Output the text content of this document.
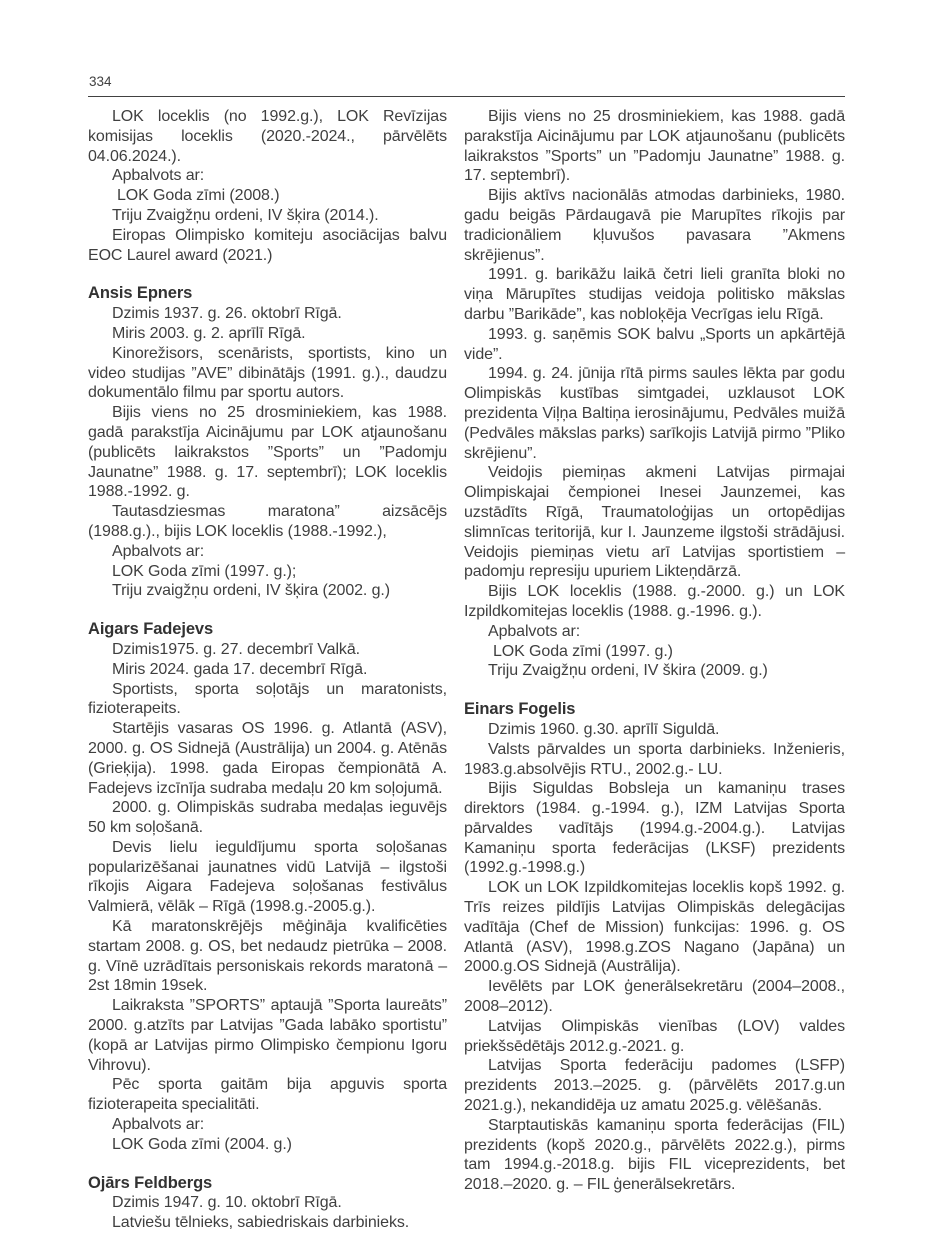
334

LOK loceklis (no 1992.g.), LOK Revīzijas komisijas loceklis (2020.-2024., pārvēlēts 04.06.2024.).

Apbalvots ar:

LOK Goda zīmi (2008.)

Triju Zvaigžņu ordeni, IV šķira (2014.).

Eiropas Olimpisko komiteju asociācijas balvu EOC Laurel award (2021.)

Ansis Epners

Dzimis 1937. g. 26. oktobrī Rīgā.

Miris 2003. g. 2. aprīlī Rīgā.

Kinorežisors, scenārists, sportists, kino un video studijas ”AVE” dibinātājs (1991. g.)., daudzu dokumentālo filmu par sportu autors.

Bijis viens no 25 drosminiekiem, kas 1988. gadā parakstīja Aicinājumu par LOK atjaunošanu (publicēts laikrakstos ”Sports” un ”Padomju Jaunatne” 1988. g. 17. septembrī); LOK loceklis 1988.-1992. g.

Tautasdziesmas maratona” aizsācējs (1988.g.)., bijis LOK loceklis (1988.-1992.),

Apbalvots ar:

LOK Goda zīmi (1997. g.);

Triju zvaigžņu ordeni, IV šķira (2002. g.)

Aigars Fadejevs

Dzimis1975. g. 27. decembrī Valkā.

Miris 2024. gada 17. decembrī Rīgā.

Sportists, sporta soļotājs un maratonists, fizioterapeits.

Startējis vasaras OS 1996. g. Atlantā (ASV), 2000. g. OS Sidnejā (Austrālija) un 2004. g. Atēnās (Grieķija). 1998. gada Eiropas čempionātā A. Fadejevs izcīnīja sudraba medaļu 20 km soļojumā.

2000. g. Olimpiskās sudraba medaļas ieguvējs 50 km soļošanā.

Devis lielu ieguldījumu sporta soļošanas popularizēšanai jaunatnes vidū Latvijā – ilgstoši rīkojis Aigara Fadejeva soļošanas festivālus Valmierā, vēlāk – Rīgā (1998.g.-2005.g.).

Kā maratonskrējējs mēģināja kvalificēties startam 2008. g. OS, bet nedaudz pietrūka – 2008. g. Vīnē uzrādītais personiskais rekords maratonā – 2st 18min 19sek.

Laikraksta ”SPORTS” aptaujā ”Sporta laureāts” 2000. g.atzīts par Latvijas ”Gada labāko sportistu” (kopā ar Latvijas pirmo Olimpisko čempionu Igoru Vihrovu).

Pēc sporta gaitām bija apguvis sporta fizioterapeita specialitāti.

Apbalvots ar:

LOK Goda zīmi (2004. g.)

Ojārs Feldbergs

Dzimis 1947. g. 10. oktobrī Rīgā.

Latviešu tēlnieks, sabiedriskais darbinieks.

Bijis viens no 25 drosminiekiem, kas 1988. gadā parakstīja Aicinājumu par LOK atjaunošanu (publicēts laikrakstos ”Sports” un ”Padomju Jaunatne” 1988. g. 17. septembrī).

Bijis aktīvs nacionālās atmodas darbinieks, 1980. gadu beigās Pārdaugavā pie Marupītes rīkojis par tradicionāliem kļuvušos pavasara ”Akmens skrējienus”.

1991. g. barikāžu laikā četri lieli granīta bloki no viņa Mārupītes studijas veidoja politisko mākslas darbu ”Barikāde”, kas nobloķēja Vecrīgas ielu Rīgā.

1993. g. saņēmis SOK balvu „Sports un apkārtējā vide”.

1994. g. 24. jūnija rītā pirms saules lēkta par godu Olimpiskās kustības simtgadei, uzklausot LOK prezidenta Viļņa Baltiņa ierosinājumu, Pedvāles muižā (Pedvāles mākslas parks) sarīkojis Latvijā pirmo ”Pliko skrējienu”.

Veidojis piemiņas akmeni Latvijas pirmajai Olimpiskajai čempionei Inesei Jaunzemei, kas uzstādīts Rīgā, Traumatoloģijas un ortopēdijas slimnīcas teritorijā, kur I. Jaunzeme ilgstoši strādājusi. Veidojis piemiņas vietu arī Latvijas sportistiem – padomju represiju upuriem Likteņdārzā.

Bijis LOK loceklis (1988. g.-2000. g.) un LOK Izpildkomitejas loceklis (1988. g.-1996. g.).

Apbalvots ar:

LOK Goda zīmi (1997. g.)

Triju Zvaigžņu ordeni, IV škira (2009. g.)

Einars Fogelis

Dzimis 1960. g.30. aprīlī Siguldā.

Valsts pārvaldes un sporta darbinieks. Inženieris, 1983.g.absolvējis RTU., 2002.g.- LU.

Bijis Siguldas Bobsleja un kamaniņu trases direktors (1984. g.-1994. g.), IZM Latvijas Sporta pārvaldes vadītājs (1994.g.-2004.g.). Latvijas Kamaniņu sporta federācijas (LKSF) prezidents (1992.g.-1998.g.)

LOK un LOK Izpildkomitejas loceklis kopš 1992. g. Trīs reizes pildījis Latvijas Olimpiskās delegācijas vadītāja (Chef de Mission) funkcijas: 1996. g. OS Atlantā (ASV), 1998.g.ZOS Nagano (Japāna) un 2000.g.OS Sidnejā (Austrālija).

Ievēlēts par LOK ģenerālsekretāru (2004–2008., 2008–2012).

Latvijas Olimpiskās vienības (LOV) valdes priekšsēdētājs 2012.g.-2021. g.

Latvijas Sporta federāciju padomes (LSFP) prezidents 2013.–2025. g. (pārvēlēts 2017.g.un 2021.g.), nekandidēja uz amatu 2025.g. vēlēšanās.

Starptautiskās kamaniņu sporta federācijas (FIL) prezidents (kopš 2020.g., pārvēlēts 2022.g.), pirms tam 1994.g.-2018.g. bijis FIL viceprezidents, bet 2018.–2020. g. – FIL ģenerālsekretārs.
